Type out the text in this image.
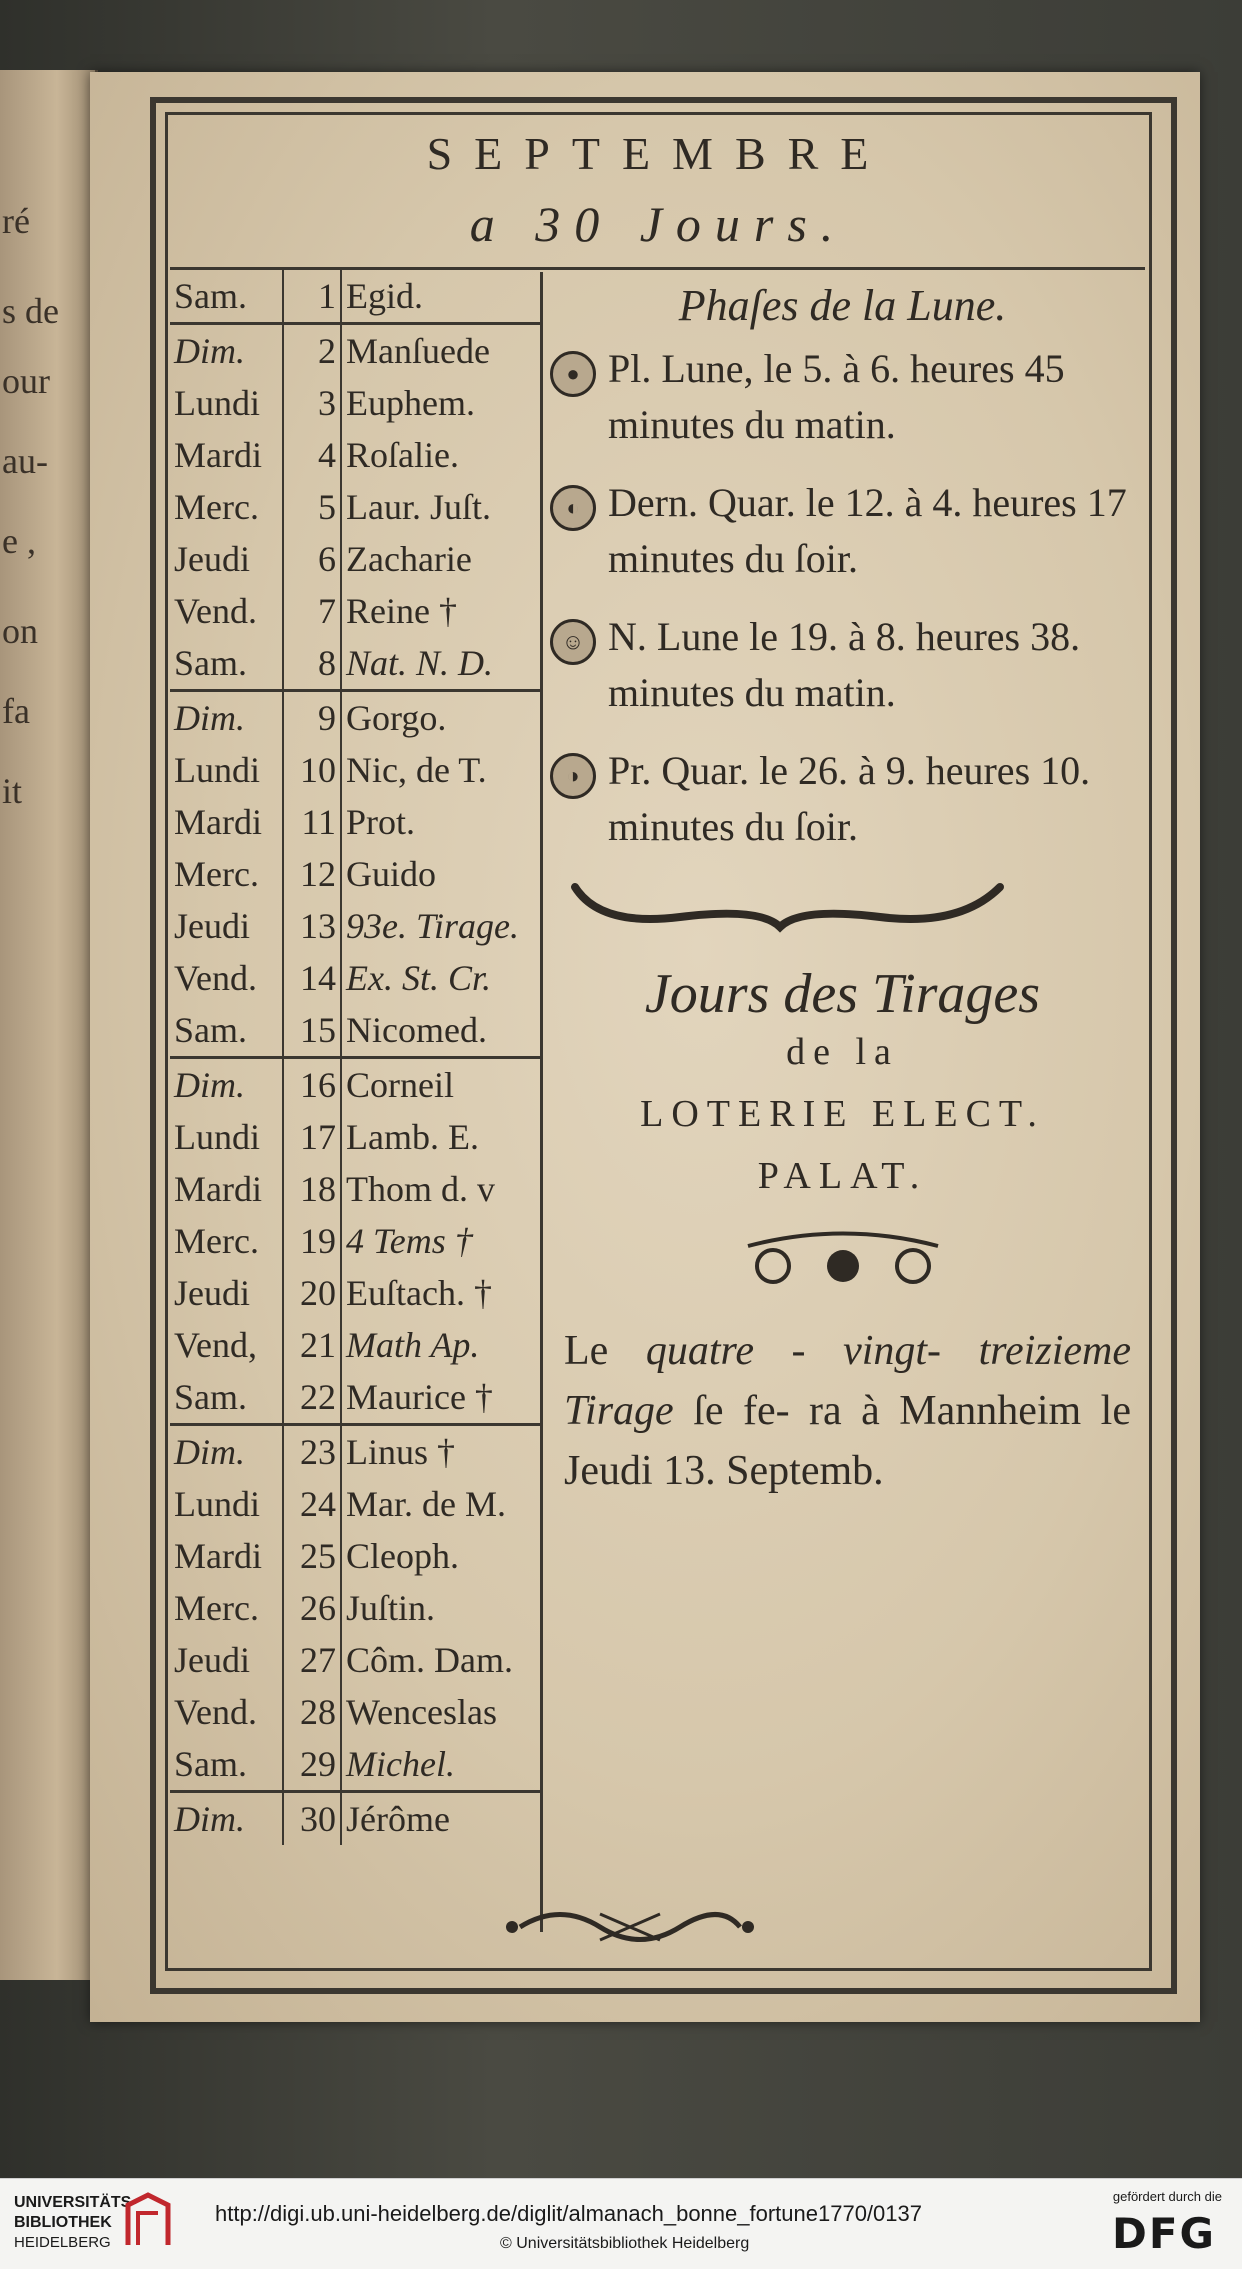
ré
s de
our
au-
e ,
on
fa
it
SEPTEMBRE
a 30 Jours.
Sam.	1 Egid.
Dim.	2 Manſuede
Lundi	3 Euphem.
Mardi	4 Roſalie.
Merc.	5 Laur. Juſt.
Jeudi	6 Zacharie
Vend.	7 Reine †
Sam.	8 Nat. N. D.
Dim.	9 Gorgo.
Lundi	10 Nic, de T.
Mardi	11 Prot.
Merc.	12 Guido
Jeudi	13 93e. Tirage.
Vend.	14 Ex. St. Cr.
Sam.	15 Nicomed.
Dim.	16 Corneil
Lundi	17 Lamb. E.
Mardi	18 Thom d. v
Merc.	19 4 Tems †
Jeudi	20 Euſtach. †
Vend,	21 Math Ap.
Sam.	22 Maurice †
Dim.	23 Linus †
Lundi	24 Mar. de M.
Mardi	25 Cleoph.
Merc.	26 Juſtin.
Jeudi	27 Côm. Dam.
Vend.	28 Wenceslas
Sam.	29 Michel.
Dim.	30 Jérôme
Phaſes de la Lune.
● Pl. Lune, le 5. à 6. heures 45 minutes du matin.
◐ Dern. Quar. le 12. à 4. heures 17 minutes du ſoir.
☺ N. Lune le 19. à 8. heures 38. minutes du matin.
◑ Pr. Quar. le 26. à 9. heures 10. minutes du ſoir.
Jours des Tirages
de la
LOTERIE ELECT.
PALAT.
Le quatre - vingt- treizieme Tirage ſe fe- ra à Mannheim le Jeudi 13. Septemb.
UNIVERSITÄTS-
BIBLIOTHEK
HEIDELBERG
http://digi.ub.uni-heidelberg.de/diglit/almanach_bonne_fortune1770/0137
© Universitätsbibliothek Heidelberg
gefördert durch die
DFG
